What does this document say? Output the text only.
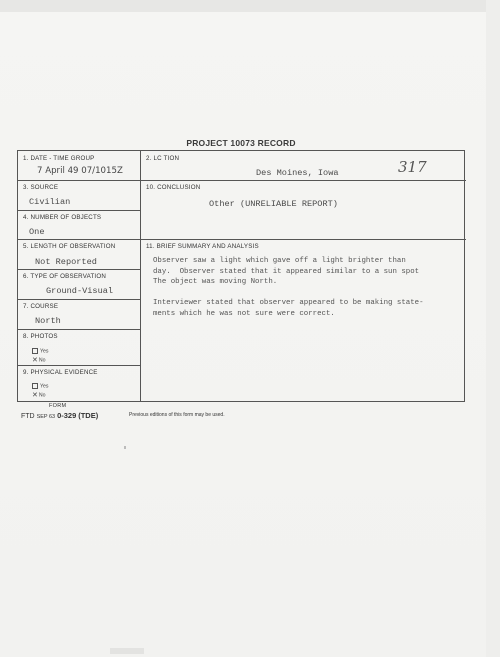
PROJECT 10073 RECORD
317
1. DATE - TIME GROUP
7 April 49 07/1015Z
2. LC TION
Des Moines, Iowa
3. SOURCE
Civilian
10. CONCLUSION
Other (UNRELIABLE REPORT)
4. NUMBER OF OBJECTS
One
5. LENGTH OF OBSERVATION
Not Reported
11. BRIEF SUMMARY AND ANALYSIS
Observer saw a light which gave off a light brighter than
day.  Observer stated that it appeared similar to a sun spot
The object was moving North.

Interviewer stated that observer appeared to be making state-
ments which he was not sure were correct.
6. TYPE OF OBSERVATION
Ground-Visual
7. COURSE
North
8. PHOTOS
Yes
✕No
9. PHYSICAL EVIDENCE
Yes
✕No
FORM
FTD SEP 63 0-329 (TDE)	Previous editions of this form may be used.
